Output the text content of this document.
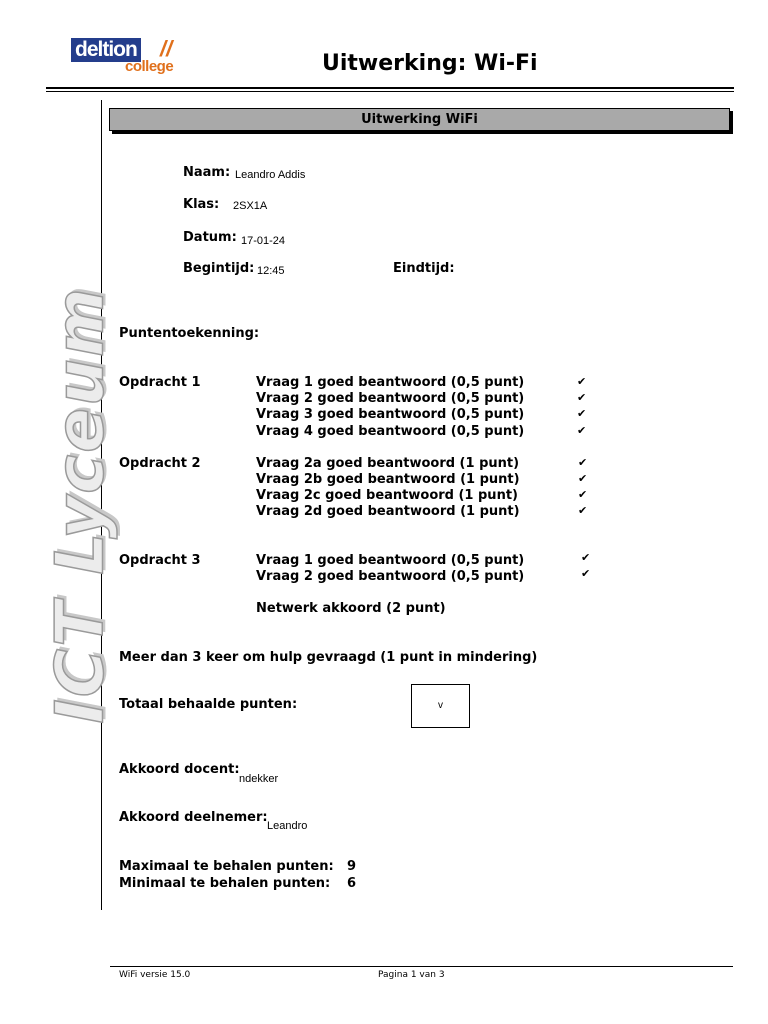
deltion //
college	Uitwerking: Wi-Fi
ICT Lyceum
Uitwerking WiFi
Naam: Leandro Addis
Klas: 2SX1A
Datum: 17-01-24
Begintijd: 12:45	Eindtijd:
Puntentoekenning:
Opdracht 1	Vraag 1 goed beantwoord (0,5 punt)	✔
Vraag 2 goed beantwoord (0,5 punt)	✔
Vraag 3 goed beantwoord (0,5 punt)	✔
Vraag 4 goed beantwoord (0,5 punt)	✔
Opdracht 2	Vraag 2a goed beantwoord (1 punt)	✔
Vraag 2b goed beantwoord (1 punt)	✔
Vraag 2c goed beantwoord (1 punt)	✔
Vraag 2d goed beantwoord (1 punt)	✔
Opdracht 3	Vraag 1 goed beantwoord (0,5 punt)	✔
Vraag 2 goed beantwoord (0,5 punt)	✔
Netwerk akkoord (2 punt)
Meer dan 3 keer om hulp gevraagd (1 punt in mindering)
Totaal behaalde punten:	v
Akkoord docent:
ndekker
Akkoord deelnemer:
Leandro
Maximaal te behalen punten: 9
Minimaal te behalen punten: 6
WiFi versie 15.0	Pagina 1 van 3
